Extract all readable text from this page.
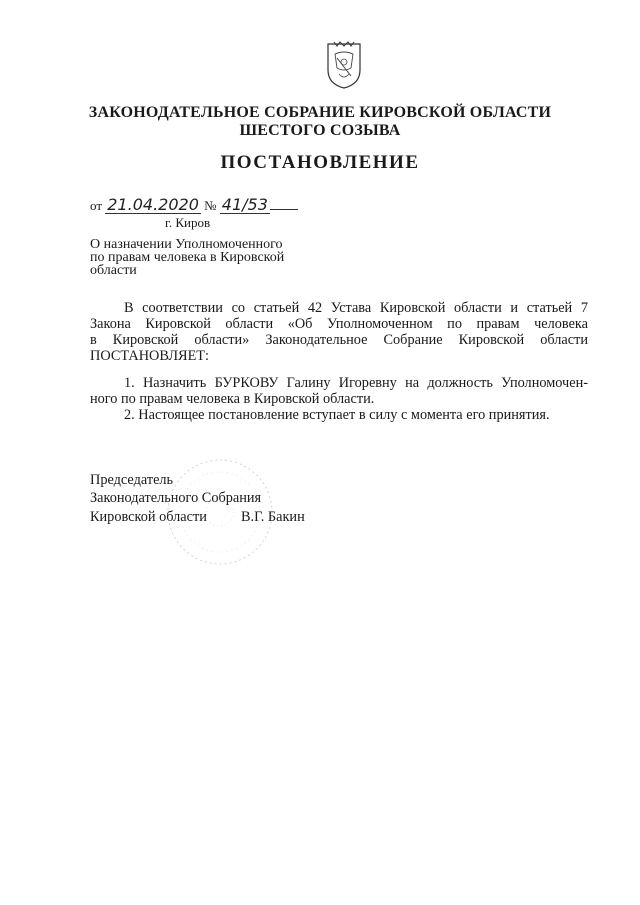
ЗАКОНОДАТЕЛЬНОЕ СОБРАНИЕ КИРОВСКОЙ ОБЛАСТИ
ШЕСТОГО СОЗЫВА
ПОСТАНОВЛЕНИЕ
от 21.04.2020 № 41/53
г. Киров
О назначении Уполномоченного
по правам человека в Кировской
области
В соответствии со статьей 42 Устава Кировской области и статьей 7
Закона Кировской области «Об Уполномоченном по правам человека
в Кировской области» Законодательное Собрание Кировской области
ПОСТАНОВЛЯЕТ:
1. Назначить БУРКОВУ Галину Игоревну на должность Уполномочен-
ного по правам человека в Кировской области.
2. Настоящее постановление вступает в силу с момента его принятия.
Председатель
Законодательного Собрания
Кировской области В.Г. Бакин
